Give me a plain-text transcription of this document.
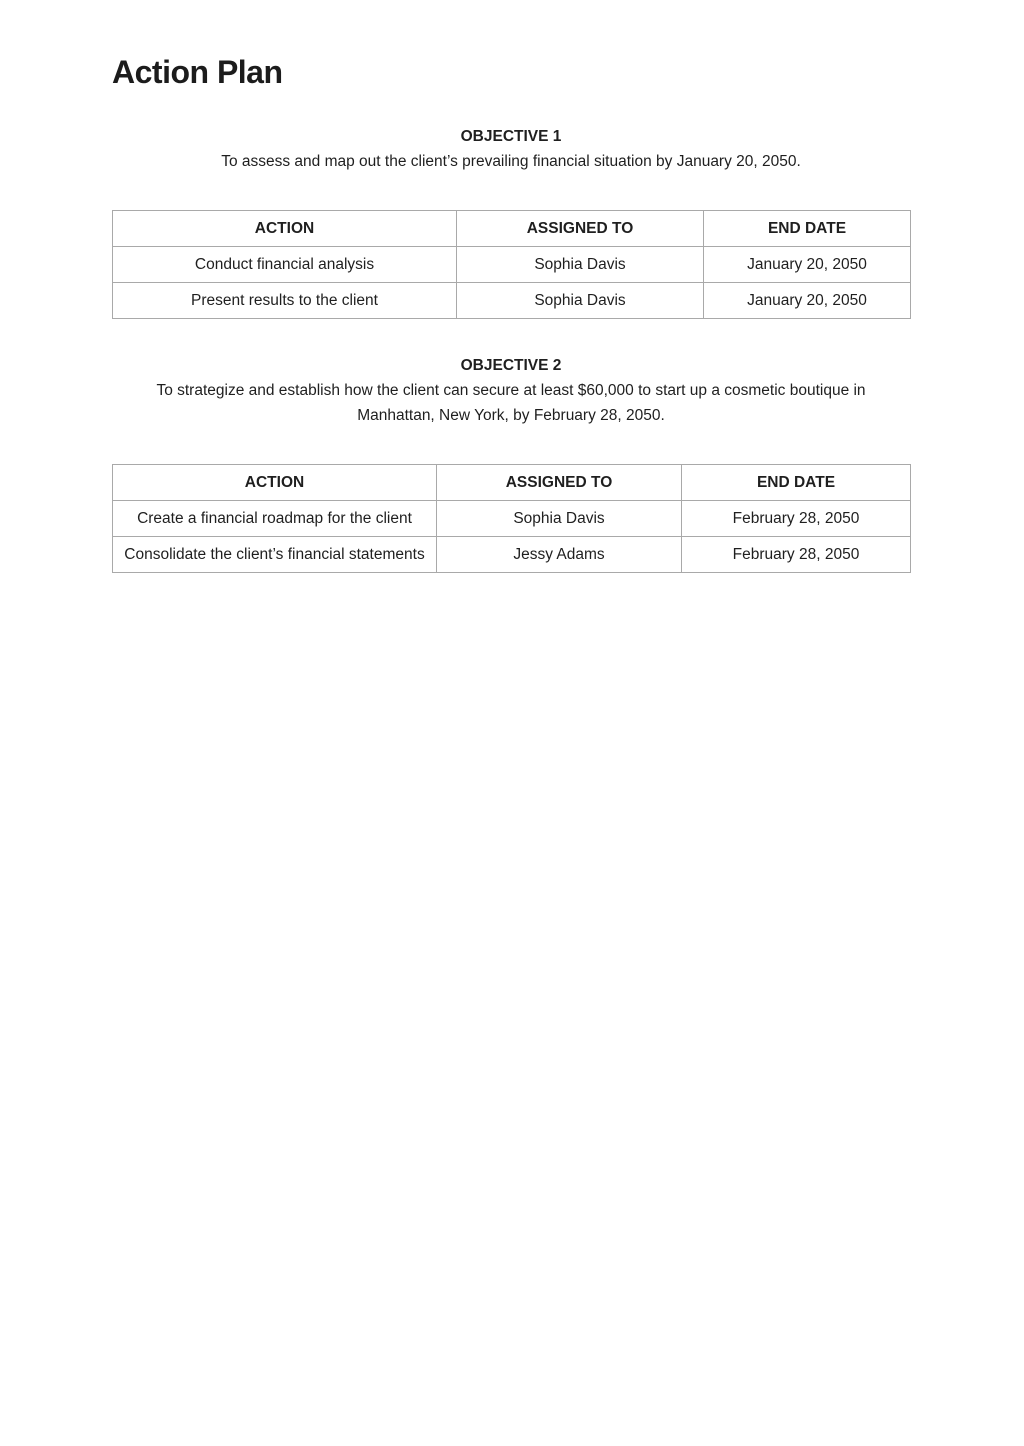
Action Plan

OBJECTIVE 1

To assess and map out the client’s prevailing financial situation by January 20, 2050.

ACTION	ASSIGNED TO	END DATE
Conduct financial analysis	Sophia Davis	January 20, 2050
Present results to the client	Sophia Davis	January 20, 2050

OBJECTIVE 2

To strategize and establish how the client can secure at least $60,000 to start up a cosmetic boutique in Manhattan, New York, by February 28, 2050.

ACTION	ASSIGNED TO	END DATE
Create a financial roadmap for the client	Sophia Davis	February 28, 2050
Consolidate the client’s financial statements	Jessy Adams	February 28, 2050
